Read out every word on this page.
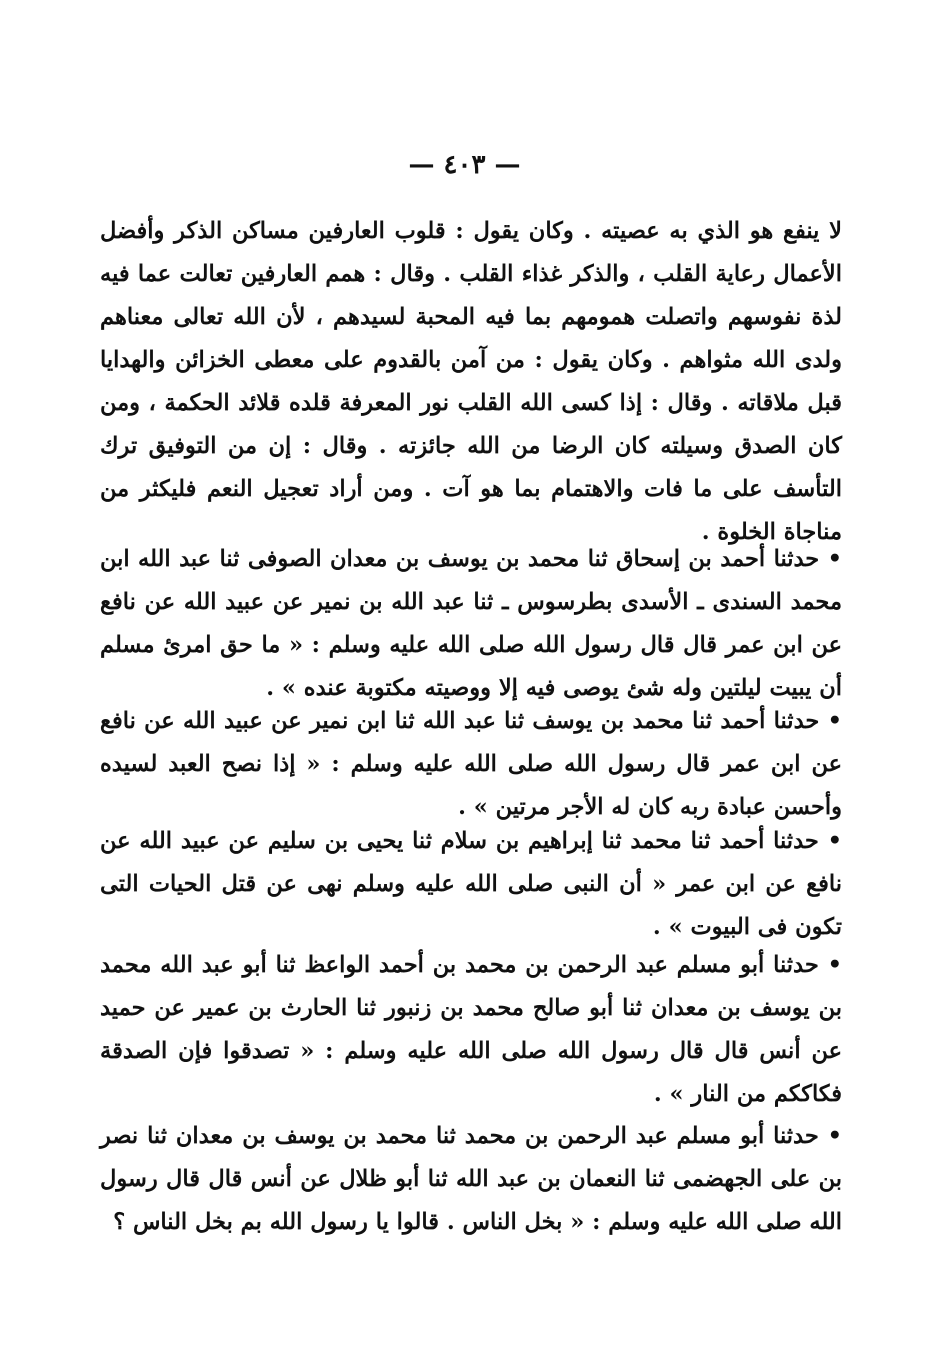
— ٤٠٣ —

لا ينفع هو الذي به عصيته . وكان يقول : قلوب العارفين مساكن الذكر وأفضل الأعمال رعاية القلب ، والذكر غذاء القلب . وقال : همم العارفين تعالت عما فيه لذة نفوسهم واتصلت همومهم بما فيه المحبة لسيدهم ، لأن الله تعالى معناهم ولدى الله مثواهم . وكان يقول : من آمن بالقدوم على معطى الخزائن والهدايا قبل ملاقاته . وقال : إذا كسى الله القلب نور المعرفة قلده قلائد الحكمة ، ومن كان الصدق وسيلته كان الرضا من الله جائزته . وقال : إن من التوفيق ترك التأسف على ما فات والاهتمام بما هو آت . ومن أراد تعجيل النعم فليكثر من مناجاة الخلوة .

• حدثنا أحمد بن إسحاق ثنا محمد بن يوسف بن معدان الصوفى ثنا عبد الله ابن محمد السندى ـ الأسدى بطرسوس ـ ثنا عبد الله بن نمير عن عبيد الله عن نافع عن ابن عمر قال قال رسول الله صلى الله عليه وسلم : « ما حق امرئ مسلم أن يبيت ليلتين وله شئ يوصى فيه إلا ووصيته مكتوبة عنده » .

• حدثنا أحمد ثنا محمد بن يوسف ثنا عبد الله ثنا ابن نمير عن عبيد الله عن نافع عن ابن عمر قال رسول الله صلى الله عليه وسلم : « إذا نصح العبد لسيده وأحسن عبادة ربه كان له الأجر مرتين » .

• حدثنا أحمد ثنا محمد ثنا إبراهيم بن سلام ثنا يحيى بن سليم عن عبيد الله عن نافع عن ابن عمر « أن النبى صلى الله عليه وسلم نهى عن قتل الحيات التى تكون فى البيوت » .

• حدثنا أبو مسلم عبد الرحمن بن محمد بن أحمد الواعظ ثنا أبو عبد الله محمد بن يوسف بن معدان ثنا أبو صالح محمد بن زنبور ثنا الحارث بن عمير عن حميد عن أنس قال قال رسول الله صلى الله عليه وسلم : « تصدقوا فإن الصدقة فكاككم من النار » .

• حدثنا أبو مسلم عبد الرحمن بن محمد ثنا محمد بن يوسف بن معدان ثنا نصر بن على الجهضمى ثنا النعمان بن عبد الله ثنا أبو ظلال عن أنس قال قال رسول الله صلى الله عليه وسلم : « بخل الناس . قالوا يا رسول الله بم بخل الناس ؟
